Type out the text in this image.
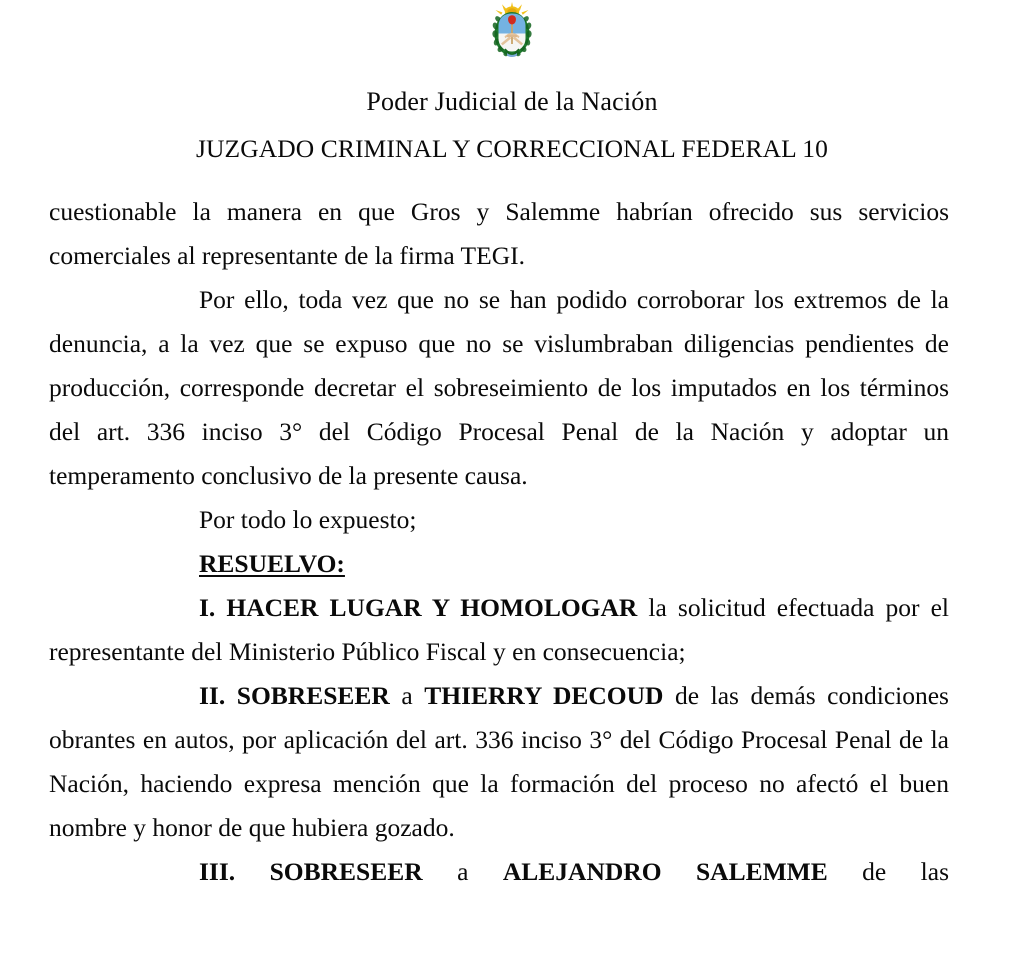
Poder Judicial de la Nación
JUZGADO CRIMINAL Y CORRECCIONAL FEDERAL 10

cuestionable la manera en que Gros y Salemme habrían ofrecido sus servicios comerciales al representante de la firma TEGI.

Por ello, toda vez que no se han podido corroborar los extremos de la denuncia, a la vez que se expuso que no se vislumbraban diligencias pendientes de producción, corresponde decretar el sobreseimiento de los imputados en los términos del art. 336 inciso 3° del Código Procesal Penal de la Nación y adoptar un temperamento conclusivo de la presente causa.

Por todo lo expuesto;

RESUELVO:

I. HACER LUGAR Y HOMOLOGAR la solicitud efectuada por el representante del Ministerio Público Fiscal y en consecuencia;

II. SOBRESEER a THIERRY DECOUD de las demás condiciones obrantes en autos, por aplicación del art. 336 inciso 3° del Código Procesal Penal de la Nación, haciendo expresa mención que la formación del proceso no afectó el buen nombre y honor de que hubiera gozado.

III. SOBRESEER a ALEJANDRO SALEMME de las
